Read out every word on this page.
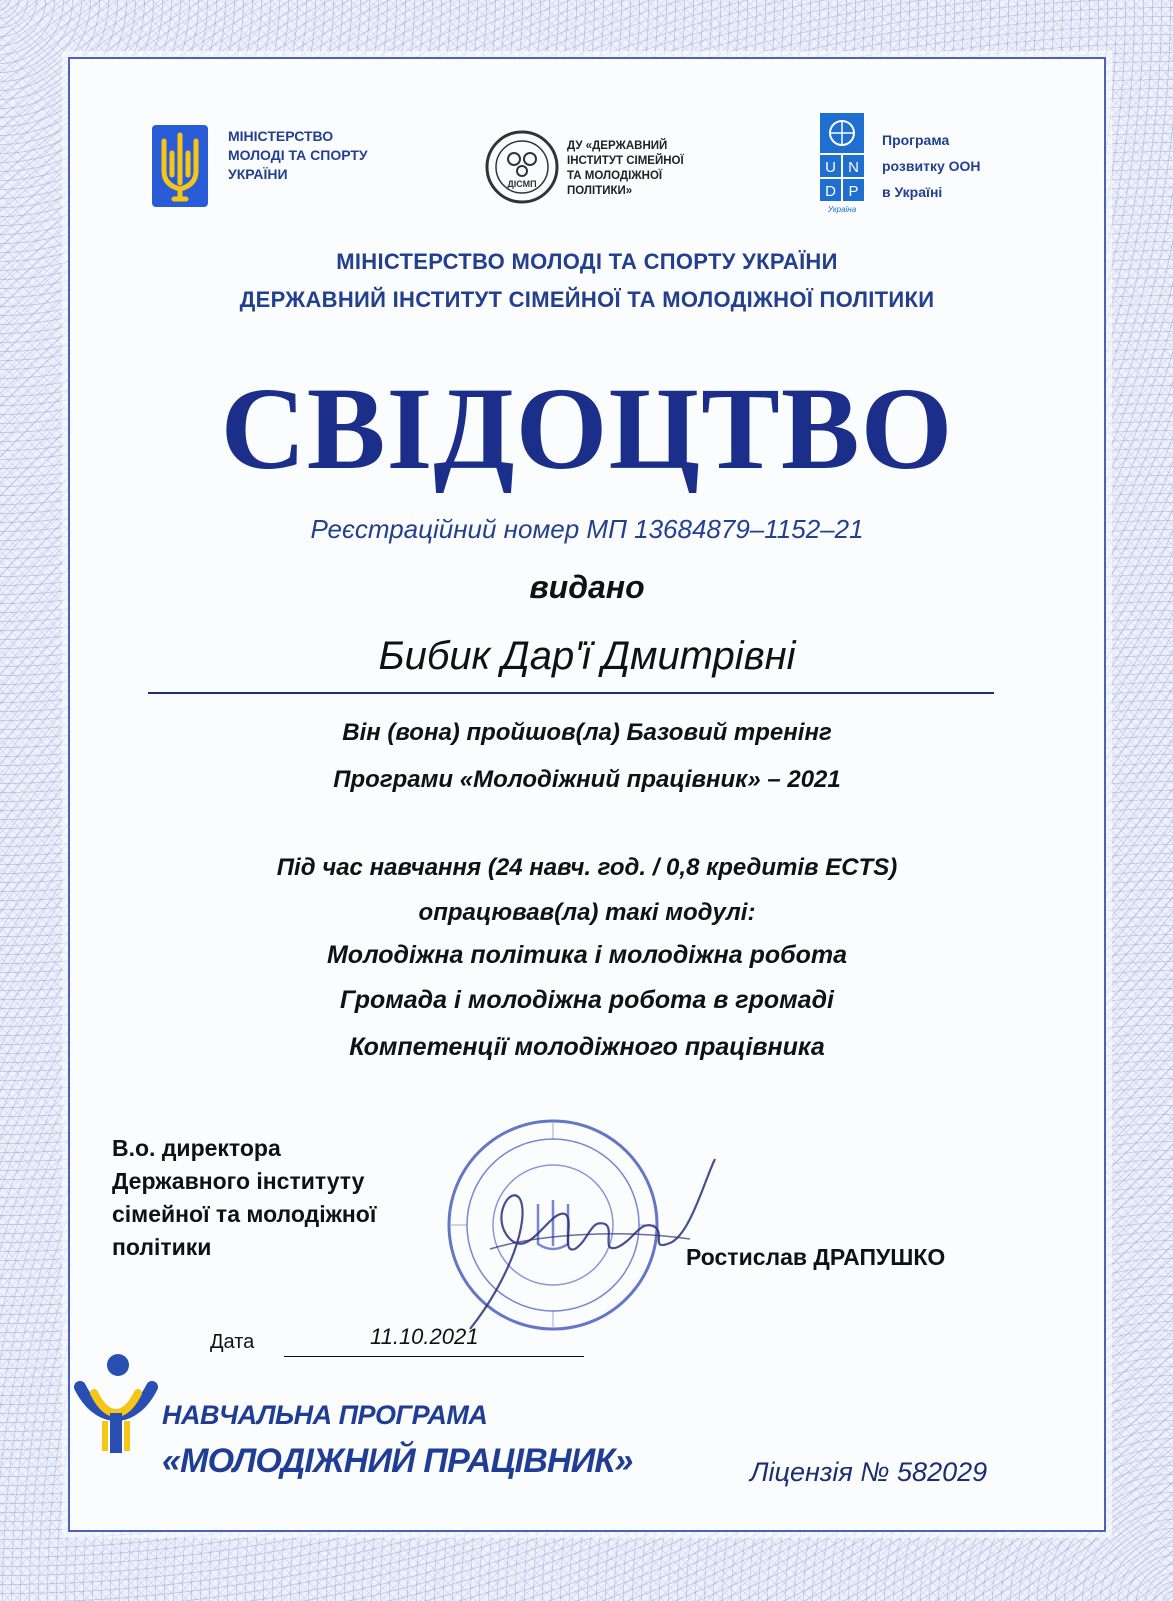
МІНІСТЕРСТВО
МОЛОДІ ТА СПОРТУ
УКРАЇНИ
ДІСМП
ДУ «ДЕРЖАВНИЙ
ІНСТИТУТ СІМЕЙНОЇ
ТА МОЛОДІЖНОЇ
ПОЛІТИКИ»
U N
D P
Україна
Програма
розвитку ООН
в Україні
МІНІСТЕРСТВО МОЛОДІ ТА СПОРТУ УКРАЇНИ
ДЕРЖАВНИЙ ІНСТИТУТ СІМЕЙНОЇ ТА МОЛОДІЖНОЇ ПОЛІТИКИ
СВІДОЦТВО
Реєстраційний номер МП 13684879–1152–21
видано
Бибик Дар'ї Дмитрівні
Він (вона) пройшов(ла) Базовий тренінг
Програми «Молодіжний працівник» – 2021
Під час навчання (24 навч. год. / 0,8 кредитів ECTS)
опрацював(ла) такі модулі:
Молодіжна політика і молодіжна робота
Громада і молодіжна робота в громаді
Компетенції молодіжного працівника
В.о. директора
Державного інституту
сімейної та молодіжної
політики	Ростислав ДРАПУШКО
Дата	11.10.2021
НАВЧАЛЬНА ПРОГРАМА
«МОЛОДІЖНИЙ ПРАЦІВНИК»	Ліцензія № 582029
